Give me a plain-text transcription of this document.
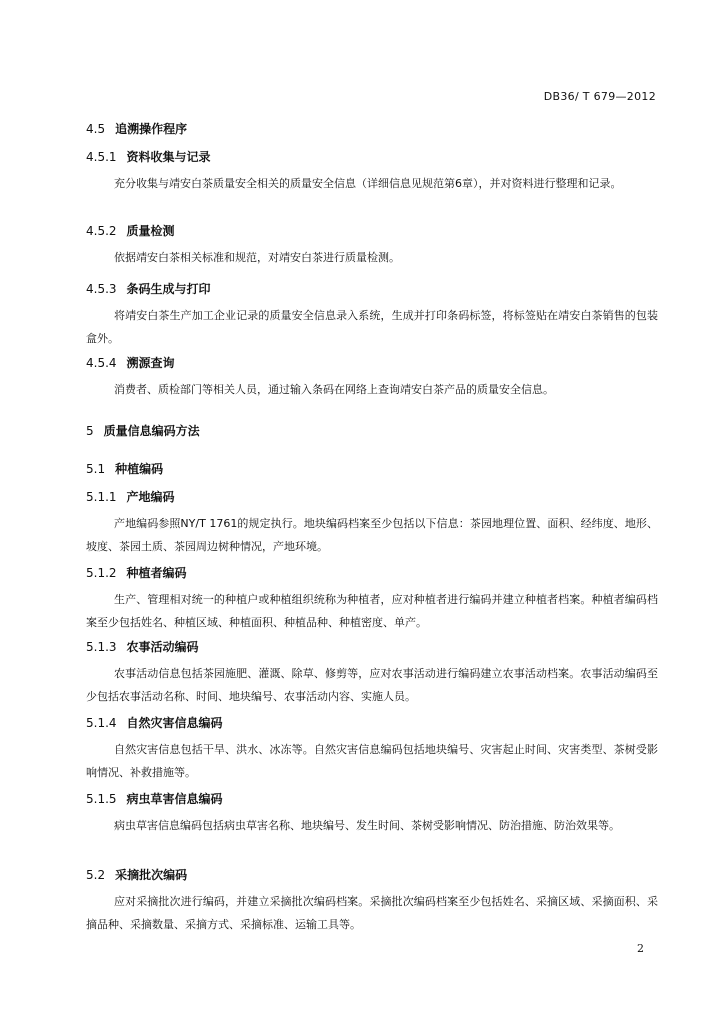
DB36/ T 679—2012
4.5 追溯操作程序
4.5.1 资料收集与记录
充分收集与靖安白茶质量安全相关的质量安全信息（详细信息见规范第6章），并对资料进行整理和记录。
4.5.2 质量检测
依据靖安白茶相关标准和规范，对靖安白茶进行质量检测。
4.5.3 条码生成与打印
将靖安白茶生产加工企业记录的质量安全信息录入系统，生成并打印条码标签，将标签贴在靖安白茶销售的包装盒外。
4.5.4 溯源查询
消费者、质检部门等相关人员，通过输入条码在网络上查询靖安白茶产品的质量安全信息。
5 质量信息编码方法
5.1 种植编码
5.1.1 产地编码
产地编码参照NY/T 1761的规定执行。地块编码档案至少包括以下信息：茶园地理位置、面积、经纬度、地形、坡度、茶园土质、茶园周边树种情况，产地环境。
5.1.2 种植者编码
生产、管理相对统一的种植户或种植组织统称为种植者，应对种植者进行编码并建立种植者档案。种植者编码档案至少包括姓名、种植区域、种植面积、种植品种、种植密度、单产。
5.1.3 农事活动编码
农事活动信息包括茶园施肥、灌溉、除草、修剪等，应对农事活动进行编码建立农事活动档案。农事活动编码至少包括农事活动名称、时间、地块编号、农事活动内容、实施人员。
5.1.4 自然灾害信息编码
自然灾害信息包括干旱、洪水、冰冻等。自然灾害信息编码包括地块编号、灾害起止时间、灾害类型、茶树受影响情况、补救措施等。
5.1.5 病虫草害信息编码
病虫草害信息编码包括病虫草害名称、地块编号、发生时间、茶树受影响情况、防治措施、防治效果等。
5.2 采摘批次编码
应对采摘批次进行编码，并建立采摘批次编码档案。采摘批次编码档案至少包括姓名、采摘区域、采摘面积、采摘品种、采摘数量、采摘方式、采摘标准、运输工具等。
2
